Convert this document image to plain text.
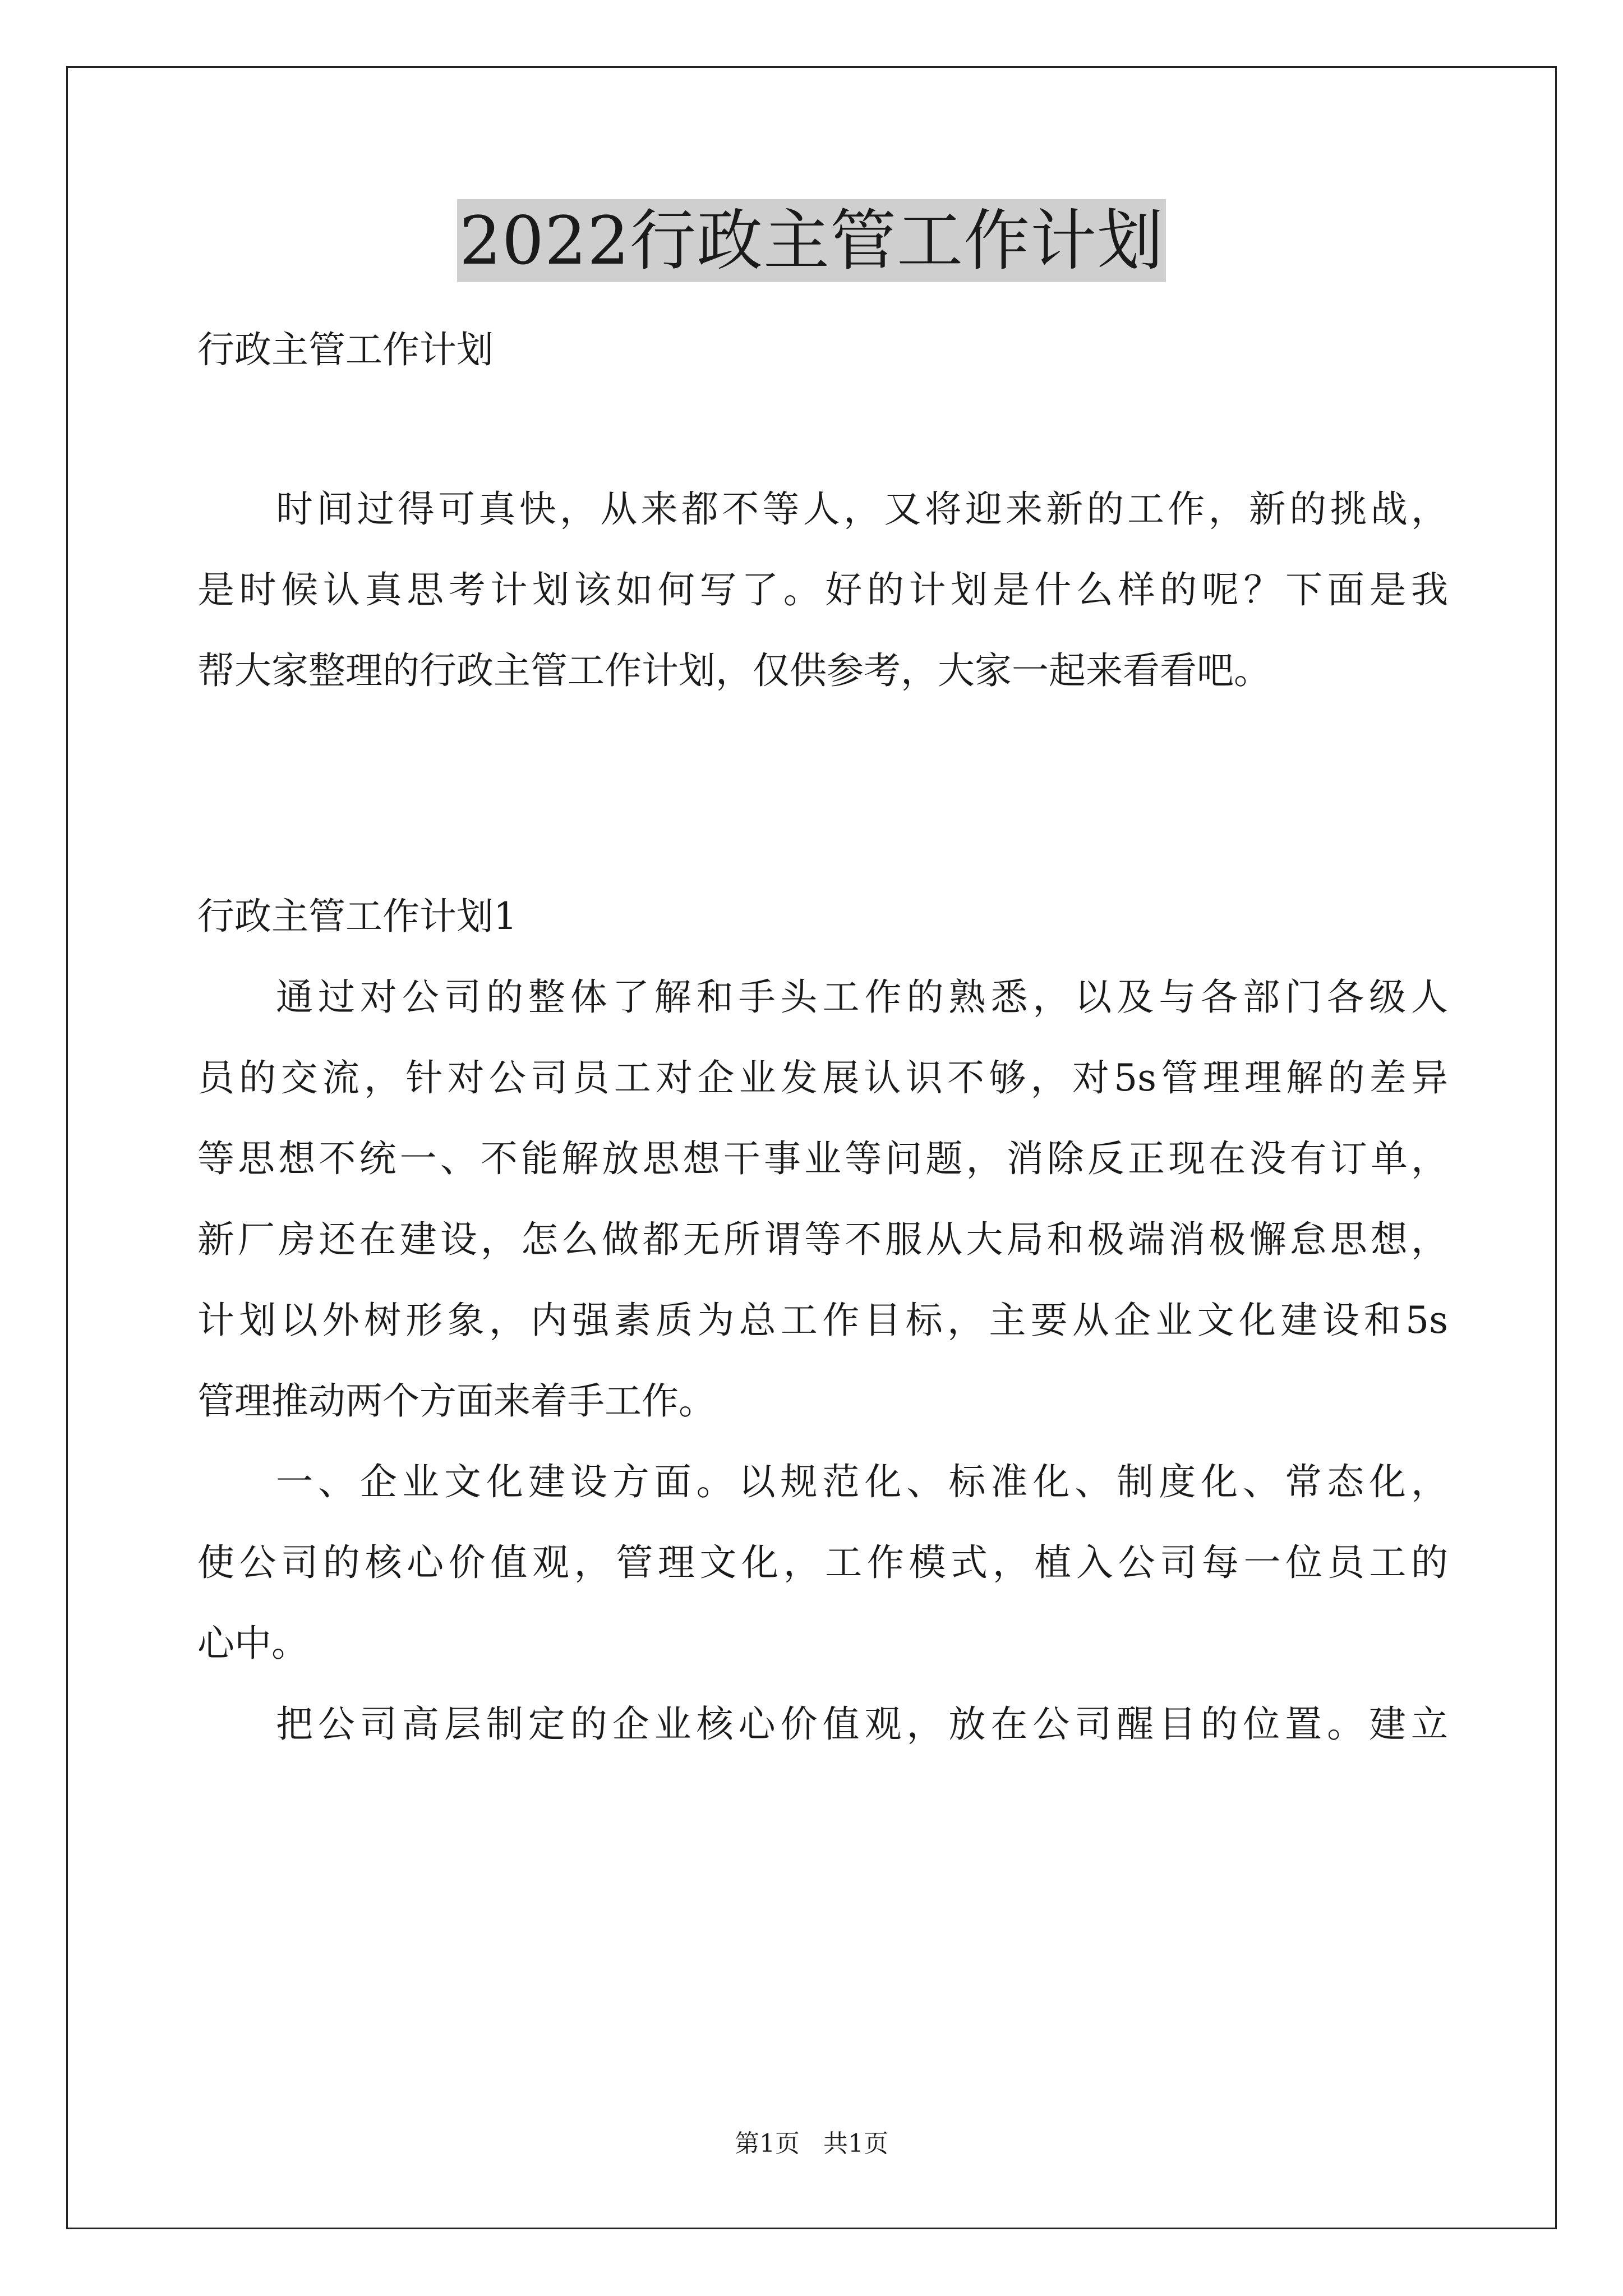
2022行政主管工作计划
行政主管工作计划
时间过得可真快，从来都不等人，又将迎来新的工作，新的挑战，
是时候认真思考计划该如何写了。好的计划是什么样的呢？下面是我
帮大家整理的行政主管工作计划，仅供参考，大家一起来看看吧。
行政主管工作计划1
通过对公司的整体了解和手头工作的熟悉，以及与各部门各级人
员的交流，针对公司员工对企业发展认识不够，对5s管理理解的差异
等思想不统一、不能解放思想干事业等问题，消除反正现在没有订单，
新厂房还在建设，怎么做都无所谓等不服从大局和极端消极懈怠思想，
计划以外树形象，内强素质为总工作目标，主要从企业文化建设和5s
管理推动两个方面来着手工作。
一、企业文化建设方面。以规范化、标准化、制度化、常态化，
使公司的核心价值观，管理文化，工作模式，植入公司每一位员工的
心中。
把公司高层制定的企业核心价值观，放在公司醒目的位置。建立
第1页   共1页
